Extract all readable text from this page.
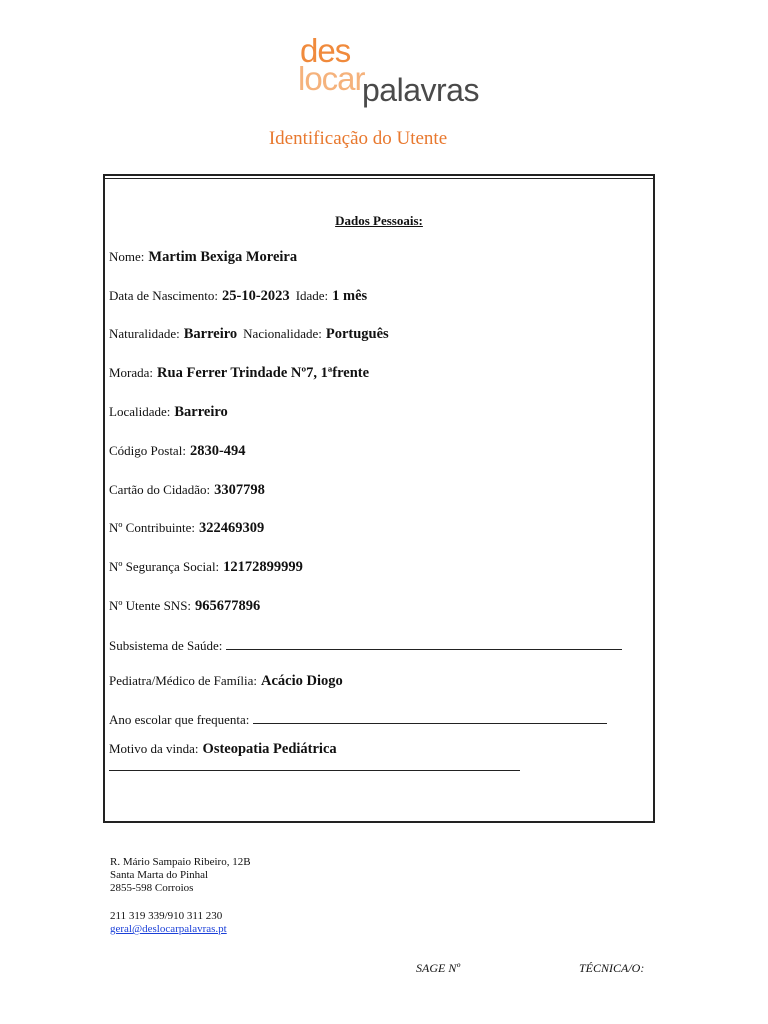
des
locar
palavras
Identificação do Utente
Dados Pessoais:
Nome: Martim Bexiga Moreira
Data de Nascimento: 25-10-2023 Idade: 1 mês
Naturalidade: Barreiro Nacionalidade: Português
Morada: Rua Ferrer Trindade Nº7, 1ªfrente
Localidade: Barreiro
Código Postal: 2830-494
Cartão do Cidadão: 3307798
Nº Contribuinte: 322469309
Nº Segurança Social: 12172899999
Nº Utente SNS: 965677896
Subsistema de Saúde:
Pediatra/Médico de Família: Acácio Diogo
Ano escolar que frequenta:
Motivo da vinda: Osteopatia Pediátrica
R. Mário Sampaio Ribeiro, 12B
Santa Marta do Pinhal
2855-598 Corroios
211 319 339/910 311 230
geral@deslocarpalavras.pt
SAGE Nº	TÉCNICA/O:
